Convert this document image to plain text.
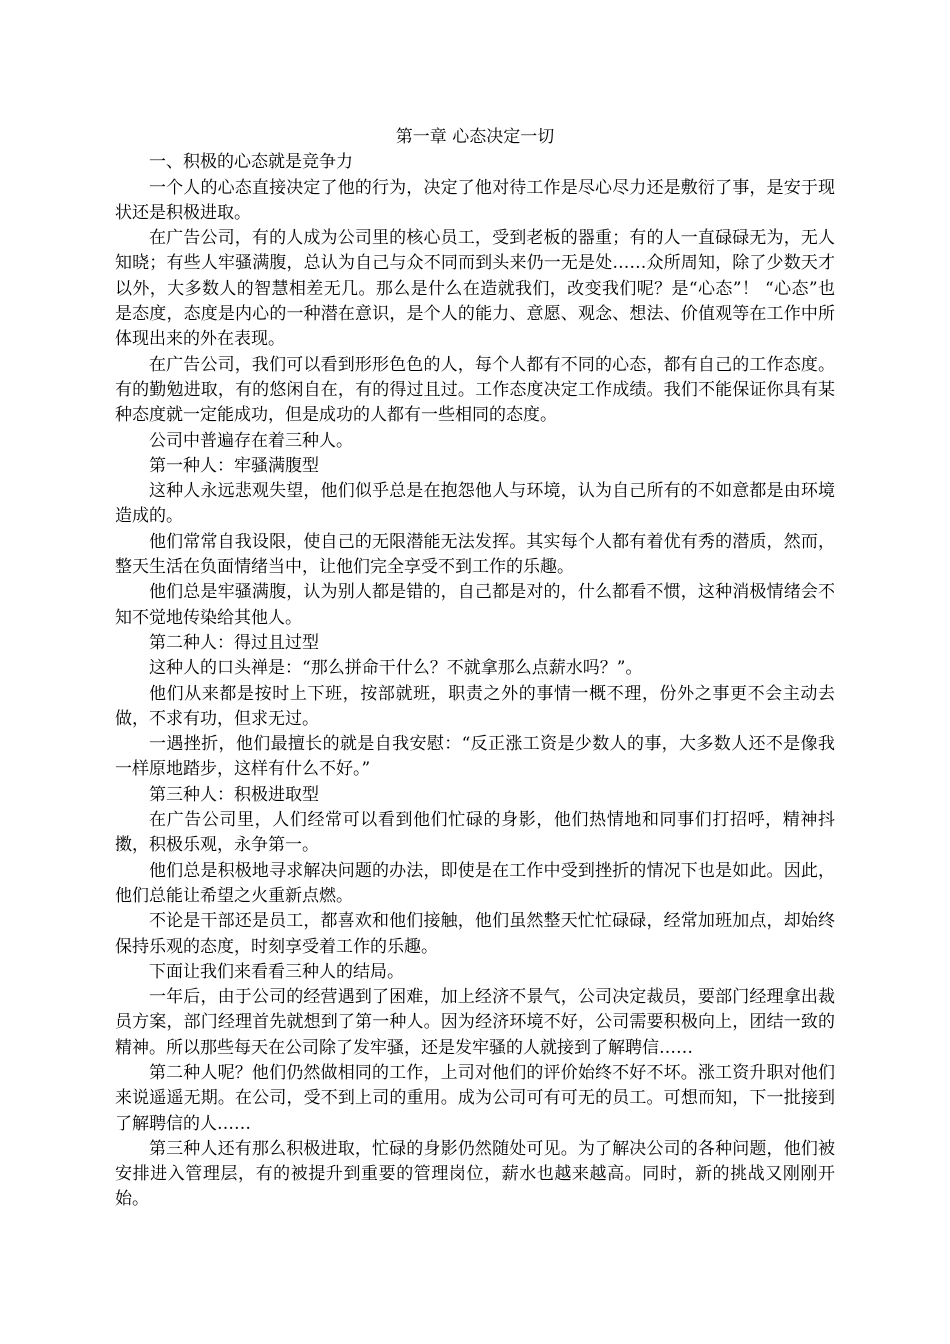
第一章 心态决定一切

一、积极的心态就是竞争力

一个人的心态直接决定了他的行为，决定了他对待工作是尽心尽力还是敷衍了事，是安于现状还是积极进取。

在广告公司，有的人成为公司里的核心员工，受到老板的器重；有的人一直碌碌无为，无人知晓；有些人牢骚满腹，总认为自己与众不同而到头来仍一无是处……众所周知，除了少数天才以外，大多数人的智慧相差无几。那么是什么在造就我们，改变我们呢？是“心态”！ “心态”也是态度，态度是内心的一种潜在意识，是个人的能力、意愿、观念、想法、价值观等在工作中所体现出来的外在表现。

在广告公司，我们可以看到形形色色的人，每个人都有不同的心态，都有自己的工作态度。有的勤勉进取，有的悠闲自在，有的得过且过。工作态度决定工作成绩。我们不能保证你具有某种态度就一定能成功，但是成功的人都有一些相同的态度。

公司中普遍存在着三种人。

第一种人：牢骚满腹型

这种人永远悲观失望，他们似乎总是在抱怨他人与环境，认为自己所有的不如意都是由环境造成的。

他们常常自我设限，使自己的无限潜能无法发挥。其实每个人都有着优有秀的潜质，然而，整天生活在负面情绪当中，让他们完全享受不到工作的乐趣。

他们总是牢骚满腹，认为别人都是错的，自己都是对的，什么都看不惯，这种消极情绪会不知不觉地传染给其他人。

第二种人：得过且过型

这种人的口头禅是：“那么拼命干什么？不就拿那么点薪水吗？”。

他们从来都是按时上下班，按部就班，职责之外的事情一概不理，份外之事更不会主动去做，不求有功，但求无过。

一遇挫折，他们最擅长的就是自我安慰：“反正涨工资是少数人的事，大多数人还不是像我一样原地踏步，这样有什么不好。”

第三种人：积极进取型

在广告公司里，人们经常可以看到他们忙碌的身影，他们热情地和同事们打招呼，精神抖擞，积极乐观，永争第一。

他们总是积极地寻求解决问题的办法，即使是在工作中受到挫折的情况下也是如此。因此，他们总能让希望之火重新点燃。

不论是干部还是员工，都喜欢和他们接触，他们虽然整天忙忙碌碌，经常加班加点，却始终保持乐观的态度，时刻享受着工作的乐趣。

下面让我们来看看三种人的结局。

一年后，由于公司的经营遇到了困难，加上经济不景气，公司决定裁员，要部门经理拿出裁员方案，部门经理首先就想到了第一种人。因为经济环境不好，公司需要积极向上，团结一致的精神。所以那些每天在公司除了发牢骚，还是发牢骚的人就接到了解聘信……

第二种人呢？他们仍然做相同的工作，上司对他们的评价始终不好不坏。涨工资升职对他们来说遥遥无期。在公司，受不到上司的重用。成为公司可有可无的员工。可想而知，下一批接到了解聘信的人……

第三种人还有那么积极进取，忙碌的身影仍然随处可见。为了解决公司的各种问题，他们被安排进入管理层，有的被提升到重要的管理岗位，薪水也越来越高。同时，新的挑战又刚刚开始。
